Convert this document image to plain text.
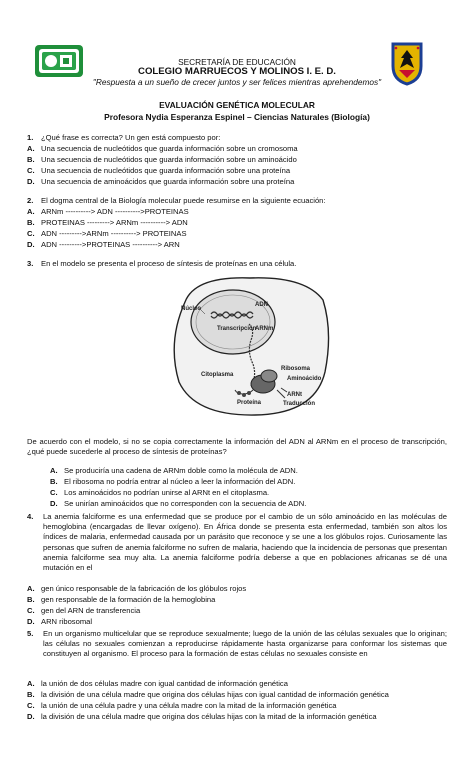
SECRETARÍA DE EDUCACIÓN
COLEGIO MARRUECOS Y MOLINOS I. E. D.
"Respuesta a un sueño de crecer juntos y ser felices mientras aprehendemos"
EVALUACIÓN GENÉTICA MOLECULAR
Profesora Nydia Esperanza Espinel – Ciencias Naturales (Biología)
1. ¿Qué frase es correcta? Un gen está compuesto por:
A. Una secuencia de nucleótidos que guarda información sobre un cromosoma
B. Una secuencia de nucleótidos que guarda información sobre un aminoácido
C. Una secuencia de nucleótidos que guarda información sobre una proteína
D. Una secuencia de aminoácidos que guarda información sobre una proteína
2. El dogma central de la Biología molecular puede resumirse en la siguiente ecuación:
A. ARNm ----------> ADN ---------->PROTEINAS
B. PROTEINAS ---------> ARNm ----------> ADN
C. ADN --------->ARNm ----------> PROTEINAS
D. ADN --------->PROTEINAS ----------> ARN
3. En el modelo se presenta el proceso de síntesis de proteínas en una célula.
Núcleo
ADN
Transcripción
ARNm
Citoplasma
Ribosoma
Aminoácido
Proteína
ARNt
Traducción
De acuerdo con el modelo, si no se copia correctamente la información del ADN al ARNm en el proceso de transcripción, ¿qué puede sucederle al proceso de síntesis de proteínas?
A. Se produciría una cadena de ARNm doble como la molécula de ADN.
B. El ribosoma no podría entrar al núcleo a leer la información del ADN.
C. Los aminoácidos no podrían unirse al ARNt en el citoplasma.
D. Se unirían aminoácidos que no corresponden con la secuencia de ADN.
4.	La anemia falciforme es una enfermedad que se produce por el cambio de un sólo aminoácido en las moléculas de hemoglobina (encargadas de llevar oxígeno). En África donde se presenta esta enfermedad, también son altos los índices de malaria, enfermedad causada por un parásito que reconoce y se une a los glóbulos rojos. Curiosamente las personas que sufren de anemia falciforme no sufren de malaria, haciendo que la incidencia de personas que presentan anemia falciforme sea muy alta. La anemia falciforme podría deberse a que en poblaciones africanas se dé una mutación en el
A. gen único responsable de la fabricación de los glóbulos rojos
B. gen responsable de la formación de la hemoglobina
C. gen del ARN de transferencia
D. ARN ribosomal
5.	En un organismo multicelular que se reproduce sexualmente; luego de la unión de las células sexuales que lo originan; las células no sexuales comienzan a reproducirse rápidamente hasta organizarse para conformar los sistemas que constituyen al organismo. El proceso para la formación de estas células no sexuales consiste en
A. la unión de dos células madre con igual cantidad de información genética
B. la división de una célula madre que origina dos células hijas con igual cantidad de información genética
C. la unión de una célula padre y una célula madre con la mitad de la información genética
D. la división de una célula madre que origina dos células hijas con la mitad de la información genética
